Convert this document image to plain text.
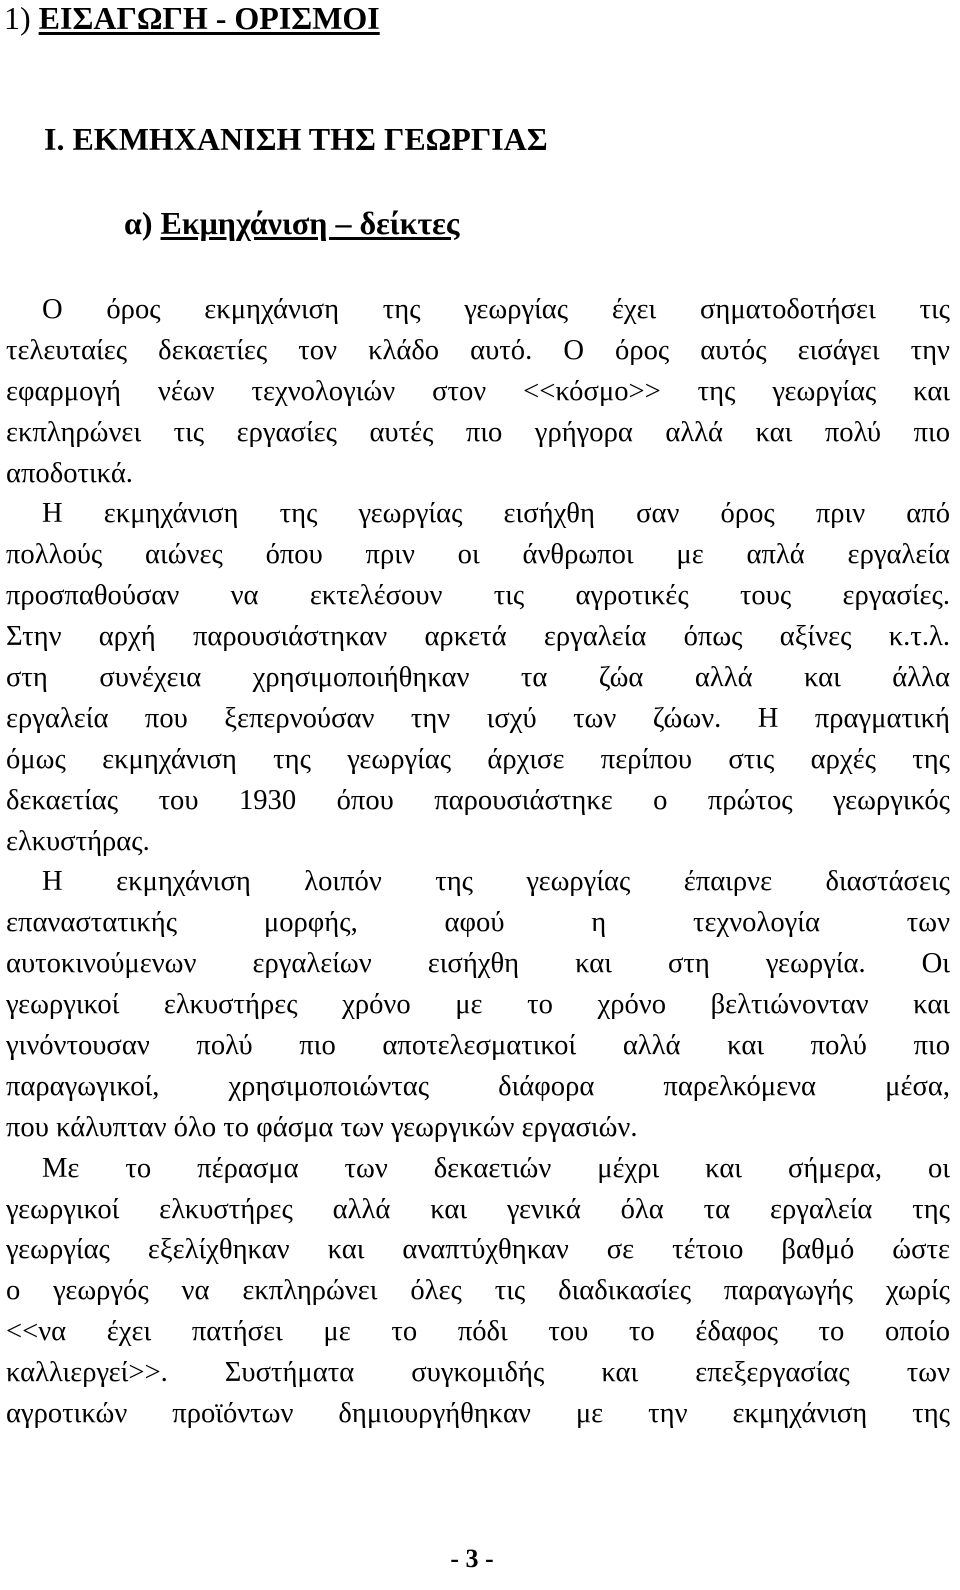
1) ΕΙΣΑΓΩΓΗ - ΟΡΙΣΜΟΙ
Ι. ΕΚΜΗΧΑΝΙΣΗ ΤΗΣ ΓΕΩΡΓΙΑΣ
α) Εκμηχάνιση – δείκτες
Ο όρος εκμηχάνιση της γεωργίας έχει σηματοδοτήσει τις
τελευταίες δεκαετίες τον κλάδο αυτό. Ο όρος αυτός εισάγει την
εφαρμογή νέων τεχνολογιών στον <<κόσμο>> της γεωργίας και
εκπληρώνει τις εργασίες αυτές πιο γρήγορα αλλά και πολύ πιο
αποδοτικά.
Η εκμηχάνιση της γεωργίας εισήχθη σαν όρος πριν από
πολλούς αιώνες όπου πριν οι άνθρωποι με απλά εργαλεία
προσπαθούσαν να εκτελέσουν τις αγροτικές τους εργασίες.
Στην αρχή παρουσιάστηκαν αρκετά εργαλεία όπως αξίνες κ.τ.λ.
στη συνέχεια χρησιμοποιήθηκαν τα ζώα αλλά και άλλα
εργαλεία που ξεπερνούσαν την ισχύ των ζώων. Η πραγματική
όμως εκμηχάνιση της γεωργίας άρχισε περίπου στις αρχές της
δεκαετίας του 1930 όπου παρουσιάστηκε ο πρώτος γεωργικός
ελκυστήρας.
Η εκμηχάνιση λοιπόν της γεωργίας έπαιρνε διαστάσεις
επαναστατικής μορφής, αφού η τεχνολογία των
αυτοκινούμενων εργαλείων εισήχθη και στη γεωργία. Οι
γεωργικοί ελκυστήρες χρόνο με το χρόνο βελτιώνονταν και
γινόντουσαν πολύ πιο αποτελεσματικοί αλλά και πολύ πιο
παραγωγικοί, χρησιμοποιώντας διάφορα παρελκόμενα μέσα,
που κάλυπταν όλο το φάσμα των γεωργικών εργασιών.
Με το πέρασμα των δεκαετιών μέχρι και σήμερα, οι
γεωργικοί ελκυστήρες αλλά και γενικά όλα τα εργαλεία της
γεωργίας εξελίχθηκαν και αναπτύχθηκαν σε τέτοιο βαθμό ώστε
ο γεωργός να εκπληρώνει όλες τις διαδικασίες παραγωγής χωρίς
<<να έχει πατήσει με το πόδι του το έδαφος το οποίο
καλλιεργεί>>. Συστήματα συγκομιδής και επεξεργασίας των
αγροτικών προϊόντων δημιουργήθηκαν με την εκμηχάνιση της
- 3 -
